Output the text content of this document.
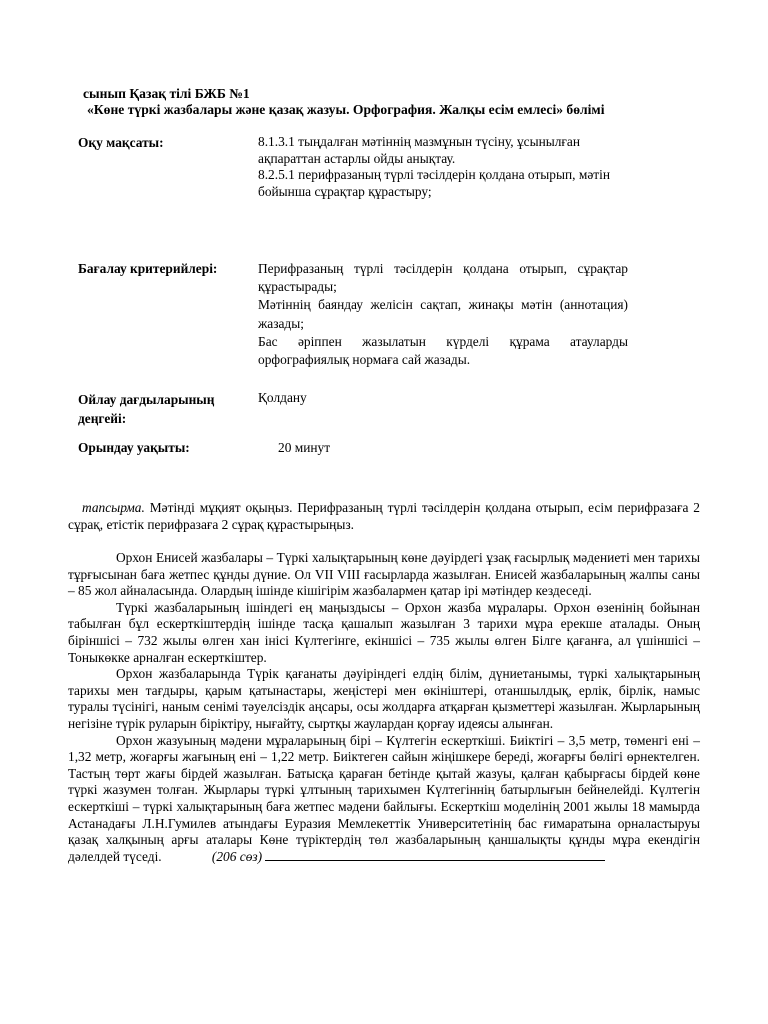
сынып Қазақ тілі БЖБ №1
«Көне түркі жазбалары және қазақ жазуы. Орфография. Жалқы есім емлесі» бөлімі
Оқу мақсаты:	8.1.3.1 тыңдалған мәтіннің мазмұнын түсіну, ұсынылған ақпараттан астарлы ойды анықтау.
8.2.5.1 перифразаның түрлі тәсілдерін қолдана отырып, мәтін бойынша сұрақтар құрастыру;
Бағалау критерийлері:	Перифразаның түрлі тәсілдерін қолдана отырып, сұрақтар құрастырады;
Мәтіннің баяндау желісін сақтап, жинақы мәтін (аннотация) жазады;
Бас әріппен жазылатын күрделі құрама атауларды орфографиялық нормаға сай жазады.
Ойлау дағдыларының деңгейі:
Қолдану
Орындау уақыты:	20 минут
тапсырма. Мәтінді мұқият оқыңыз. Перифразаның түрлі тәсілдерін қолдана отырып, есім перифразаға 2 сұрақ, етістік перифразаға 2 сұрақ құрастырыңыз.

Орхон Енисей жазбалары – Түркі халықтарының көне дәуірдегі ұзақ ғасырлық мәдениеті мен тарихы тұрғысынан баға жетпес құнды дүние. Ол VII VIII ғасырларда жазылған. Енисей жазбаларының жалпы саны – 85 жол айналасында. Олардың ішінде кішігірім жазбалармен қатар ірі мәтіндер кездеседі.

Түркі жазбаларының ішіндегі ең маңыздысы – Орхон жазба мұралары. Орхон өзенінің бойынан табылған бұл ескерткіштердің ішінде тасқа қашалып жазылған 3 тарихи мұра ерекше аталады. Оның біріншісі – 732 жылы өлген хан інісі Күлтегінге, екіншісі – 735 жылы өлген Білге қағанға, ал үшіншісі – Тоныкөкке арналған ескерткіштер.

Орхон жазбаларында Түрік қағанаты дәуіріндегі елдің білім, дүниетанымы, түркі халықтарының тарихы мен тағдыры, қарым қатынастары, жеңістері мен өкініштері, отаншылдық, ерлік, бірлік, намыс туралы түсінігі, наным сенімі тәуелсіздік аңсары, осы жолдарға атқарған қызметтері жазылған. Жырларының негізіне түрік руларын біріктіру, нығайту, сыртқы жаулардан қорғау идеясы алынған.

Орхон жазуының мәдени мұраларының бірі – Күлтегін ескерткіші. Биіктігі – 3,5 метр, төменгі ені – 1,32 метр, жоғарғы жағының ені – 1,22 метр. Биіктеген сайын жіңішкере береді, жоғарғы бөлігі өрнектелген. Тастың төрт жағы бірдей жазылған. Батысқа қараған бетінде қытай жазуы, қалған қабырғасы бірдей көне түркі жазумен толған. Жырлары түркі ұлтының тарихымен Күлтегіннің батырлығын бейнелейді. Күлтегін ескерткіші – түркі халықтарының баға жетпес мәдени байлығы. Ескерткіш моделінің 2001 жылы 18 мамырда Астанадағы Л.Н.Гумилев атындағы Еуразия Мемлекеттік Университетінің бас ғимаратына орналастыруы қазақ халқының арғы аталары Көне түріктердің төл жазбаларының қаншалықты құнды мұра екендігін дәлелдей түседі.	(206 сөз)
